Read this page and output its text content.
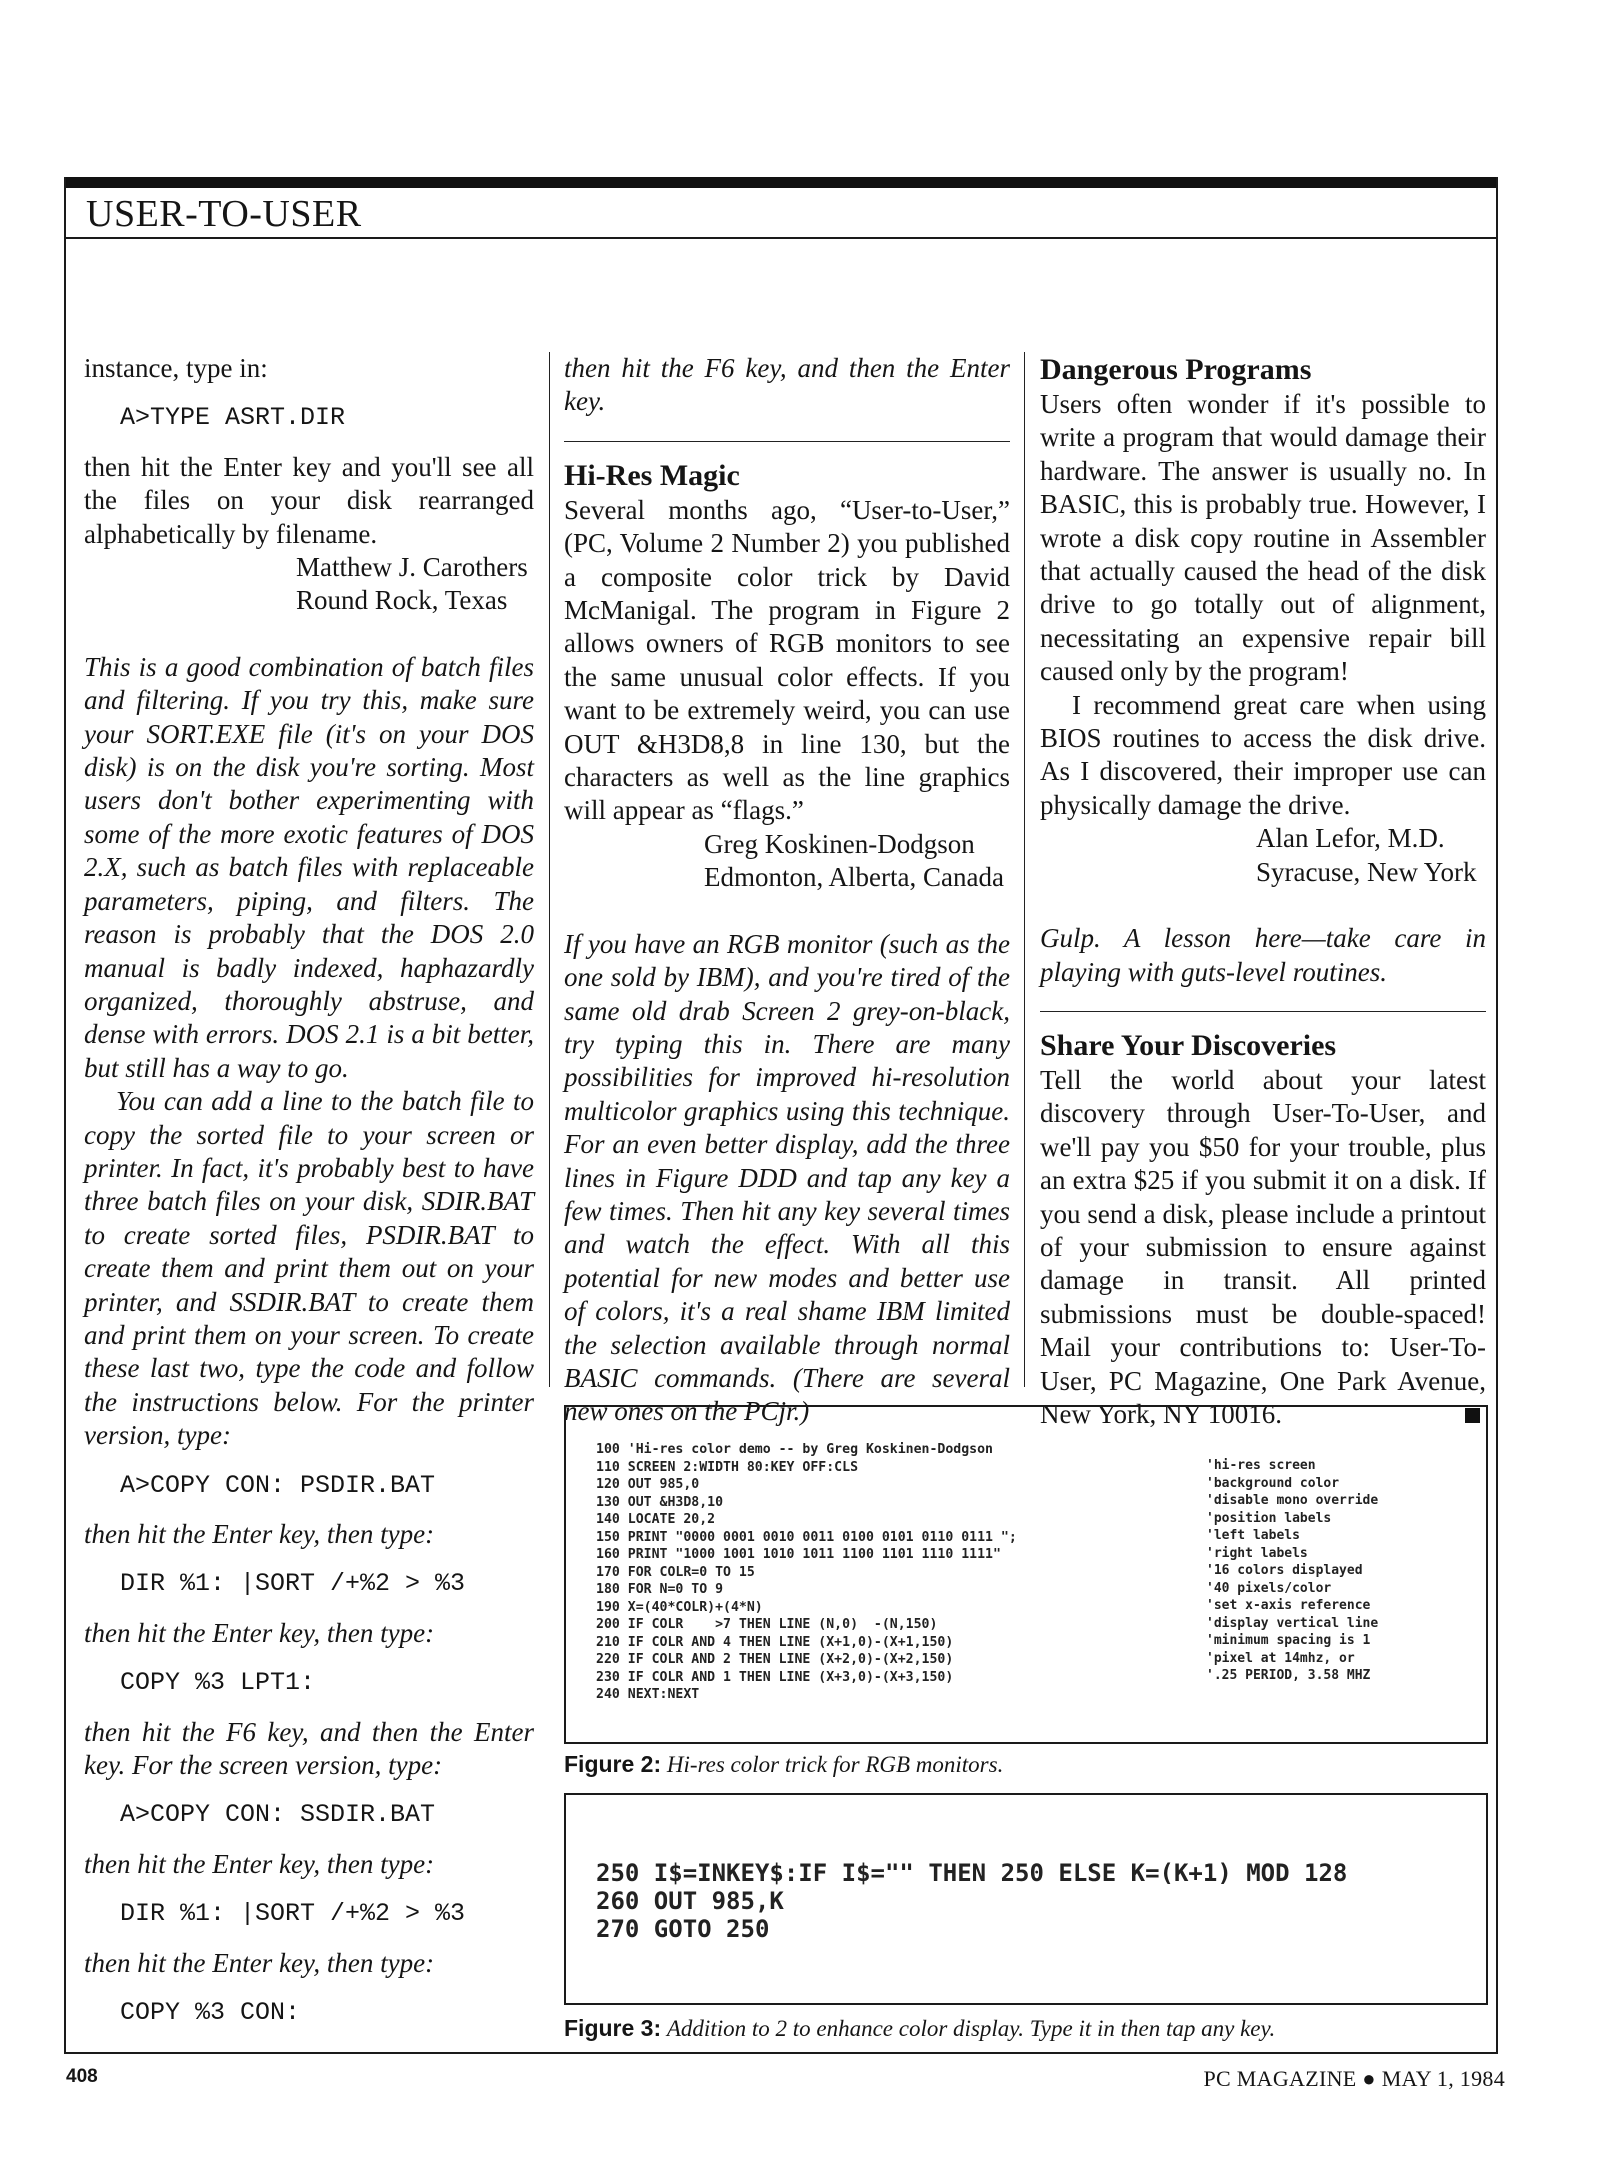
USER-TO-USER

instance, type in:

A>TYPE ASRT.DIR

then hit the Enter key and you'll see all the files on your disk rearranged alphabetically by filename.

Matthew J. Carothers

Round Rock, Texas

This is a good combination of batch files and filtering. If you try this, make sure your SORT.EXE file (it's on your DOS disk) is on the disk you're sorting. Most users don't bother experimenting with some of the more exotic features of DOS 2.X, such as batch files with replaceable parameters, piping, and filters. The reason is probably that the DOS 2.0 manual is badly indexed, haphazardly organized, thoroughly abstruse, and dense with errors. DOS 2.1 is a bit better, but still has a way to go.

You can add a line to the batch file to copy the sorted file to your screen or printer. In fact, it's probably best to have three batch files on your disk, SDIR.BAT to create sorted files, PSDIR.BAT to create them and print them out on your printer, and SSDIR.BAT to create them and print them on your screen. To create these last two, type the code and follow the instructions below. For the printer version, type:

A>COPY CON: PSDIR.BAT

then hit the Enter key, then type:

DIR %1: |SORT /+%2 > %3

then hit the Enter key, then type:

COPY %3 LPT1:

then hit the F6 key, and then the Enter key. For the screen version, type:

A>COPY CON: SSDIR.BAT

then hit the Enter key, then type:

DIR %1: |SORT /+%2 > %3

then hit the Enter key, then type:

COPY %3 CON:

then hit the F6 key, and then the Enter key.

Hi-Res Magic

Several months ago, “User-to-User,” (PC, Volume 2 Number 2) you published a composite color trick by David McManigal. The program in Figure 2 allows owners of RGB monitors to see the same unusual color effects. If you want to be extremely weird, you can use OUT &H3D8,8 in line 130, but the characters as well as the line graphics will appear as “flags.”

Greg Koskinen-Dodgson

Edmonton, Alberta, Canada

If you have an RGB monitor (such as the one sold by IBM), and you're tired of the same old drab Screen 2 grey-on-black, try typing this in. There are many possibilities for improved hi-resolution multicolor graphics using this technique. For an even better display, add the three lines in Figure DDD and tap any key a few times. Then hit any key several times and watch the effect. With all this potential for new modes and better use of colors, it's a real shame IBM limited the selection available through normal BASIC commands. (There are several new ones on the PCjr.)

Dangerous Programs

Users often wonder if it's possible to write a program that would damage their hardware. The answer is usually no. In BASIC, this is probably true. However, I wrote a disk copy routine in Assembler that actually caused the head of the disk drive to go totally out of alignment, necessitating an expensive repair bill caused only by the program!

I recommend great care when using BIOS routines to access the disk drive. As I discovered, their improper use can physically damage the drive.

Alan Lefor, M.D.

Syracuse, New York

Gulp. A lesson here—take care in playing with guts-level routines.

Share Your Discoveries

Tell the world about your latest discovery through User-To-User, and we'll pay you $50 for your trouble, plus an extra $25 if you submit it on a disk. If you send a disk, please include a printout of your submission to ensure against damage in transit. All printed submissions must be double-spaced! Mail your contributions to: User-To-User, PC Magazine, One Park Avenue, New York, NY 10016.

100 'Hi-res color demo -- by Greg Koskinen-Dodgson
110 SCREEN 2:WIDTH 80:KEY OFF:CLS
120 OUT 985,0
130 OUT &H3D8,10
140 LOCATE 20,2
150 PRINT "0000 0001 0010 0011 0100 0101 0110 0111 ";
160 PRINT "1000 1001 1010 1011 1100 1101 1110 1111"
170 FOR COLR=0 TO 15
180 FOR N=0 TO 9
190 X=(40*COLR)+(4*N)
200 IF COLR    >7 THEN LINE (N,0)  -(N,150)
210 IF COLR AND 4 THEN LINE (X+1,0)-(X+1,150)
220 IF COLR AND 2 THEN LINE (X+2,0)-(X+2,150)
230 IF COLR AND 1 THEN LINE (X+3,0)-(X+3,150)
240 NEXT:NEXT
'hi-res screen
'background color
'disable mono override
'position labels
'left labels
'right labels
'16 colors displayed
'40 pixels/color
'set x-axis reference
'display vertical line
'minimum spacing is 1
'pixel at 14mhz, or
'.25 PERIOD, 3.58 MHZ
Figure 2: Hi-res color trick for RGB monitors.
250 I$=INKEY$:IF I$="" THEN 250 ELSE K=(K+1) MOD 128
260 OUT 985,K
270 GOTO 250
Figure 3: Addition to 2 to enhance color display. Type it in then tap any key.
408	PC MAGAZINE ● MAY 1, 1984
